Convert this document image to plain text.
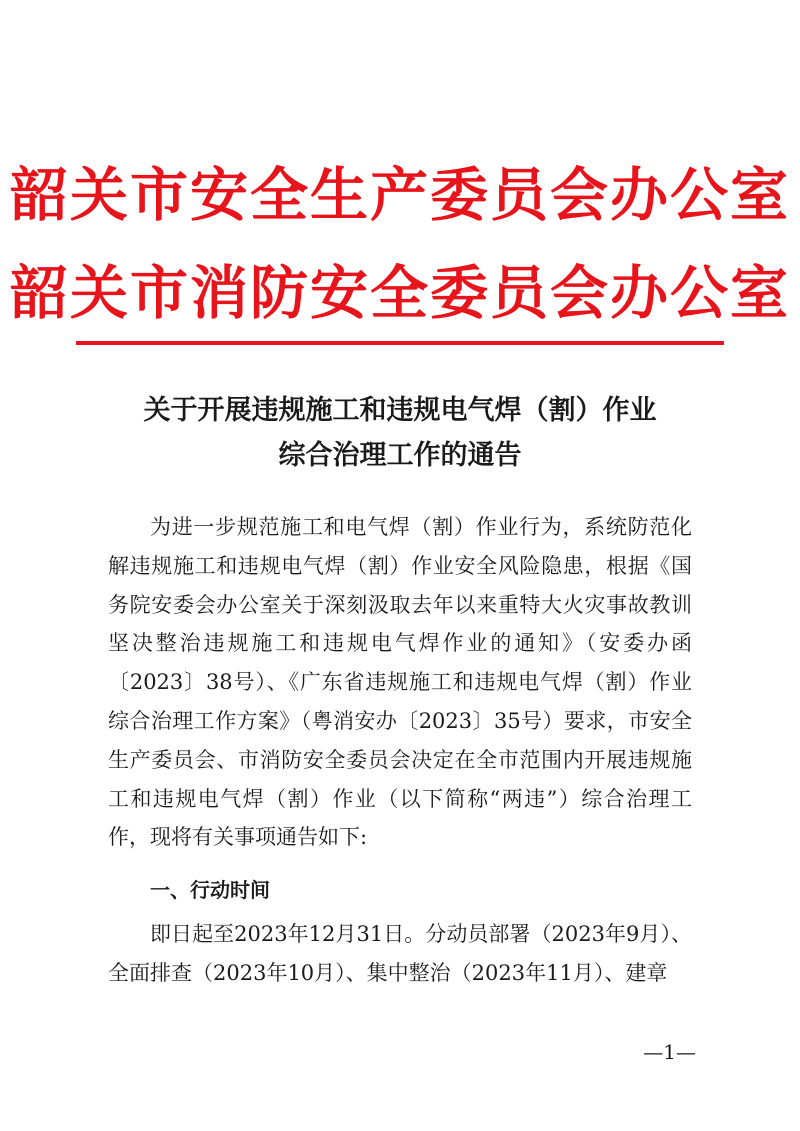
韶关市安全生产委员会办公室
韶关市消防安全委员会办公室
关于开展违规施工和违规电气焊（割）作业
综合治理工作的通告

为进一步规范施工和电气焊（割）作业行为，系统防范化解违规施工和违规电气焊（割）作业安全风险隐患，根据《国务院安委会办公室关于深刻汲取去年以来重特大火灾事故教训坚决整治违规施工和违规电气焊作业的通知》（安委办函〔2023〕38号）、《广东省违规施工和违规电气焊（割）作业综合治理工作方案》（粤消安办〔2023〕35号）要求，市安全生产委员会、市消防安全委员会决定在全市范围内开展违规施工和违规电气焊（割）作业（以下简称“两违”）综合治理工作，现将有关事项通告如下:

一、行动时间

即日起至2023年12月31日。分动员部署（2023年9月）、全面排查（2023年10月）、集中整治（2023年11月）、建章

—1—
